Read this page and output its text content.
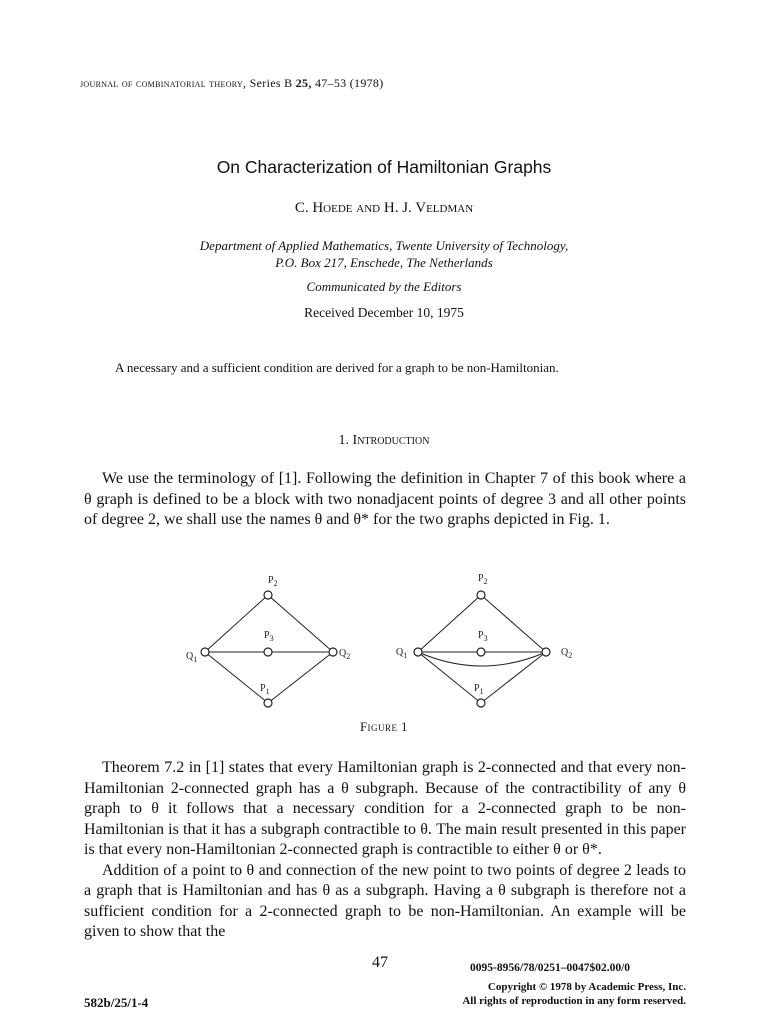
journal of combinatorial theory, Series B 25, 47–53 (1978)
On Characterization of Hamiltonian Graphs
C. Hoede and H. J. Veldman
Department of Applied Mathematics, Twente University of Technology,
P.O. Box 217, Enschede, The Netherlands
Communicated by the Editors
Received December 10, 1975
A necessary and a sufficient condition are derived for a graph to be non-Hamiltonian.
1. Introduction
We use the terminology of [1]. Following the definition in Chapter 7 of this book where a θ graph is defined to be a block with two nonadjacent points of degree 3 and all other points of degree 2, we shall use the names θ and θ* for the two graphs depicted in Fig. 1.
$P_2$
$P_3$
$P_1$
$Q_1$
$Q_2$
$P_2$
$P_3$
$P_1$
$Q_1$	$Q_2$
Figure 1
Theorem 7.2 in [1] states that every Hamiltonian graph is 2-connected and that every non-Hamiltonian 2-connected graph has a θ subgraph. Because of the contractibility of any θ graph to θ it follows that a necessary condition for a 2-connected graph to be non-Hamiltonian is that it has a subgraph contractible to θ. The main result presented in this paper is that every non-Hamiltonian 2-connected graph is contractible to either θ or θ*.
Addition of a point to θ and connection of the new point to two points of degree 2 leads to a graph that is Hamiltonian and has θ as a subgraph. Having a θ subgraph is therefore not a sufficient condition for a 2-connected graph to be non-Hamiltonian. An example will be given to show that the
47	0095-8956/78/0251–0047$02.00/0
Copyright © 1978 by Academic Press, Inc.
All rights of reproduction in any form reserved.
582b/25/1-4
